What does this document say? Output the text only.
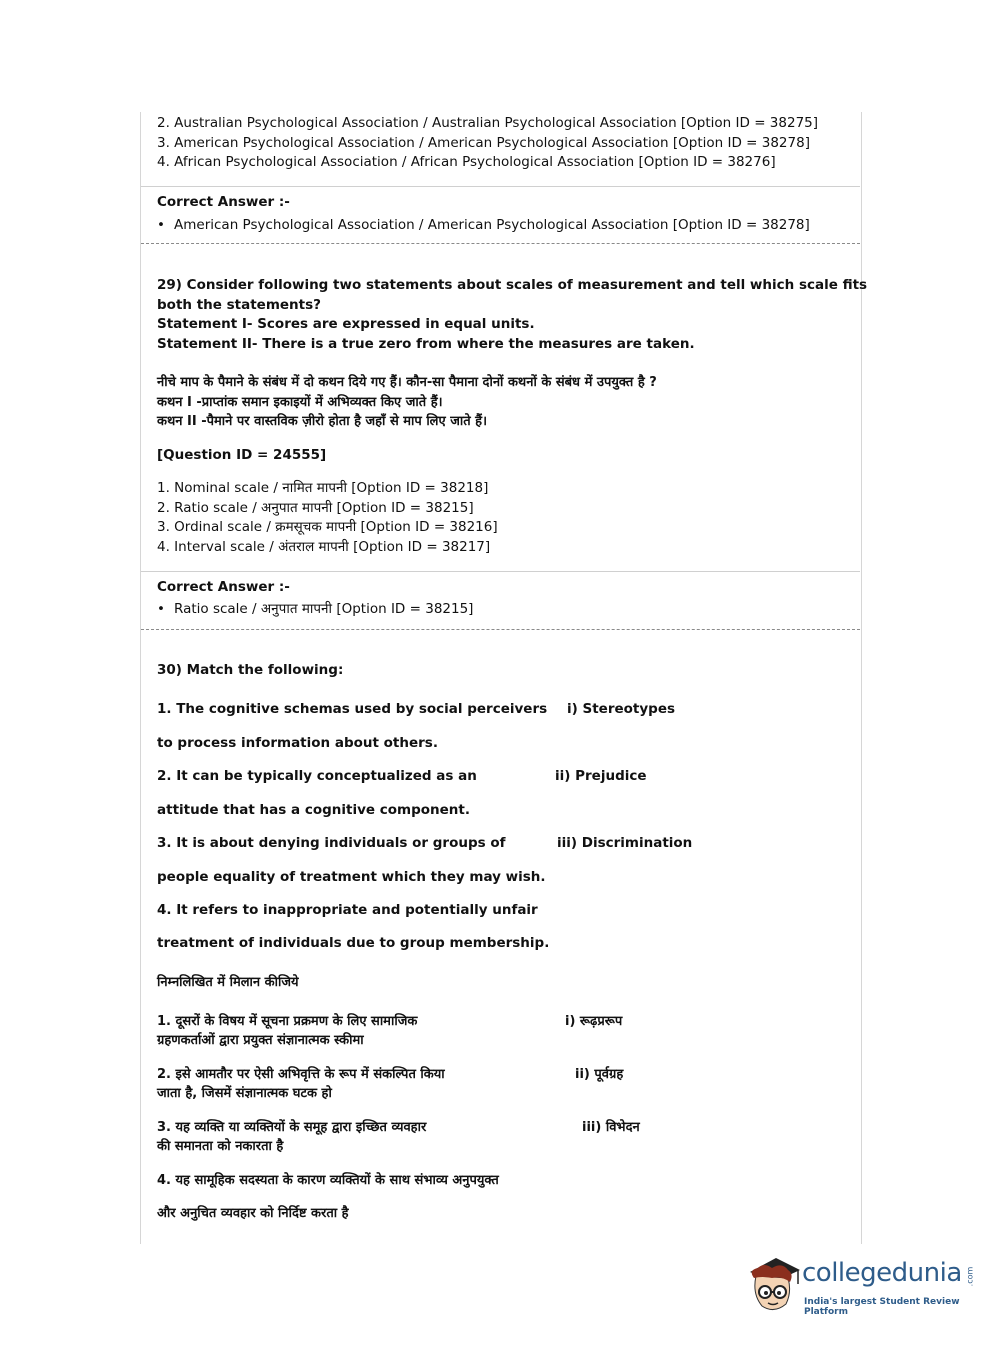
2. Australian Psychological Association / Australian Psychological Association [Option ID = 38275]
3. American Psychological Association / American Psychological Association [Option ID = 38278]
4. African Psychological Association / African Psychological Association [Option ID = 38276]
Correct Answer :-
• American Psychological Association / American Psychological Association [Option ID = 38278]
29) Consider following two statements about scales of measurement and tell which scale fits
both the statements?
Statement I- Scores are expressed in equal units.
Statement II- There is a true zero from where the measures are taken.
नीचे माप के पैमाने के संबंध में दो कथन दिये गए हैं। कौन-सा पैमाना दोनों कथनों के संबंध में उपयुक्त है ?
कथन I -प्राप्तांक समान इकाइयों में अभिव्यक्त किए जाते हैं।
कथन II -पैमाने पर वास्तविक ज़ीरो होता है जहाँ से माप लिए जाते हैं।
[Question ID = 24555]
1. Nominal scale / नामित मापनी [Option ID = 38218]
2. Ratio scale / अनुपात मापनी [Option ID = 38215]
3. Ordinal scale / क्रमसूचक मापनी [Option ID = 38216]
4. Interval scale / अंतराल मापनी [Option ID = 38217]
Correct Answer :-
• Ratio scale / अनुपात मापनी [Option ID = 38215]
30) Match the following:
1. The cognitive schemas used by social perceivers i) Stereotypes
to process information about others.
2. It can be typically conceptualized as an	ii) Prejudice
attitude that has a cognitive component.
3. It is about denying individuals or groups of	iii) Discrimination
people equality of treatment which they may wish.
4. It refers to inappropriate and potentially unfair
treatment of individuals due to group membership.
निम्नलिखित में मिलान कीजिये
1. दूसरों के विषय में सूचना प्रक्रमण के लिए सामाजिक	i) रूढ़प्ररूप
ग्रहणकर्ताओं द्वारा प्रयुक्त संज्ञानात्मक स्कीमा
2. इसे आमतौर पर ऐसी अभिवृत्ति के रूप में संकल्पित किया	ii) पूर्वग्रह
जाता है, जिसमें संज्ञानात्मक घटक हो
3. यह व्यक्ति या व्यक्तियों के समूह द्वारा इच्छित व्यवहार	iii) विभेदन
की समानता को नकारता है
4. यह सामूहिक सदस्यता के कारण व्यक्तियों के साथ संभाव्य अनुपयुक्त
और अनुचित व्यवहार को निर्दिष्ट करता है
collegedunia .com
India's largest Student Review Platform
